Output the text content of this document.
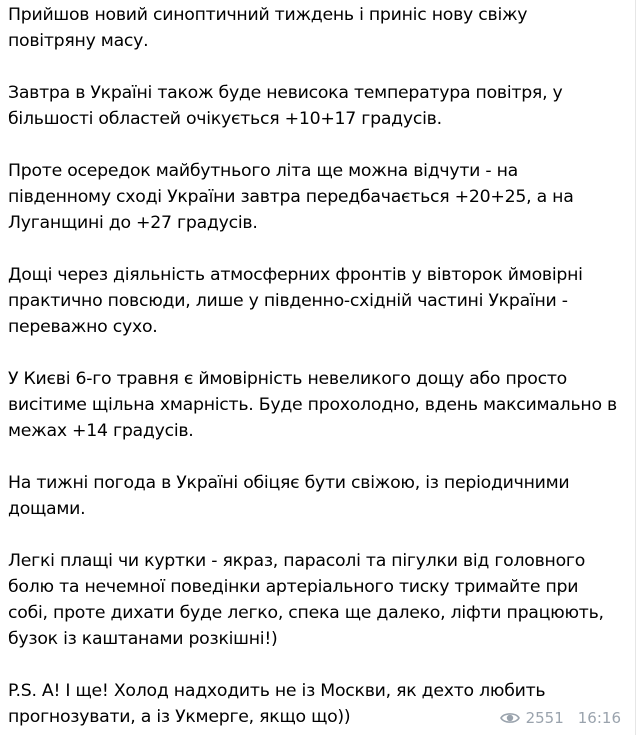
Прийшов новий синоптичний тиждень і приніс нову свіжу повітряну масу.

Завтра в Україні також буде невисока температура повітря, у більшості областей очікується +10+17 градусів.

Проте осередок майбутнього літа ще можна відчути - на південному сході України завтра передбачається +20+25, а на Луганщині до +27 градусів.

Дощі через діяльність атмосферних фронтів у вівторок ймовірні практично повсюди, лише у південно-східній частині України - переважно сухо.

У Києві 6-го травня є ймовірність невеликого дощу або просто висітиме щільна хмарність. Буде прохолодно, вдень максимально в межах +14 градусів.

На тижні погода в Україні обіцяє бути свіжою, із періодичними дощами.

Легкі плащі чи куртки - якраз, парасолі та пігулки від головного болю та нечемної поведінки артеріального тиску тримайте при собі, проте дихати буде легко, спека ще далеко, ліфти працюють, бузок із каштанами розкішні!)

P.S. А! І ще! Холод надходить не із Москви, як дехто любить прогнозувати, а із Укмерге, якщо що))	2551 16:16
